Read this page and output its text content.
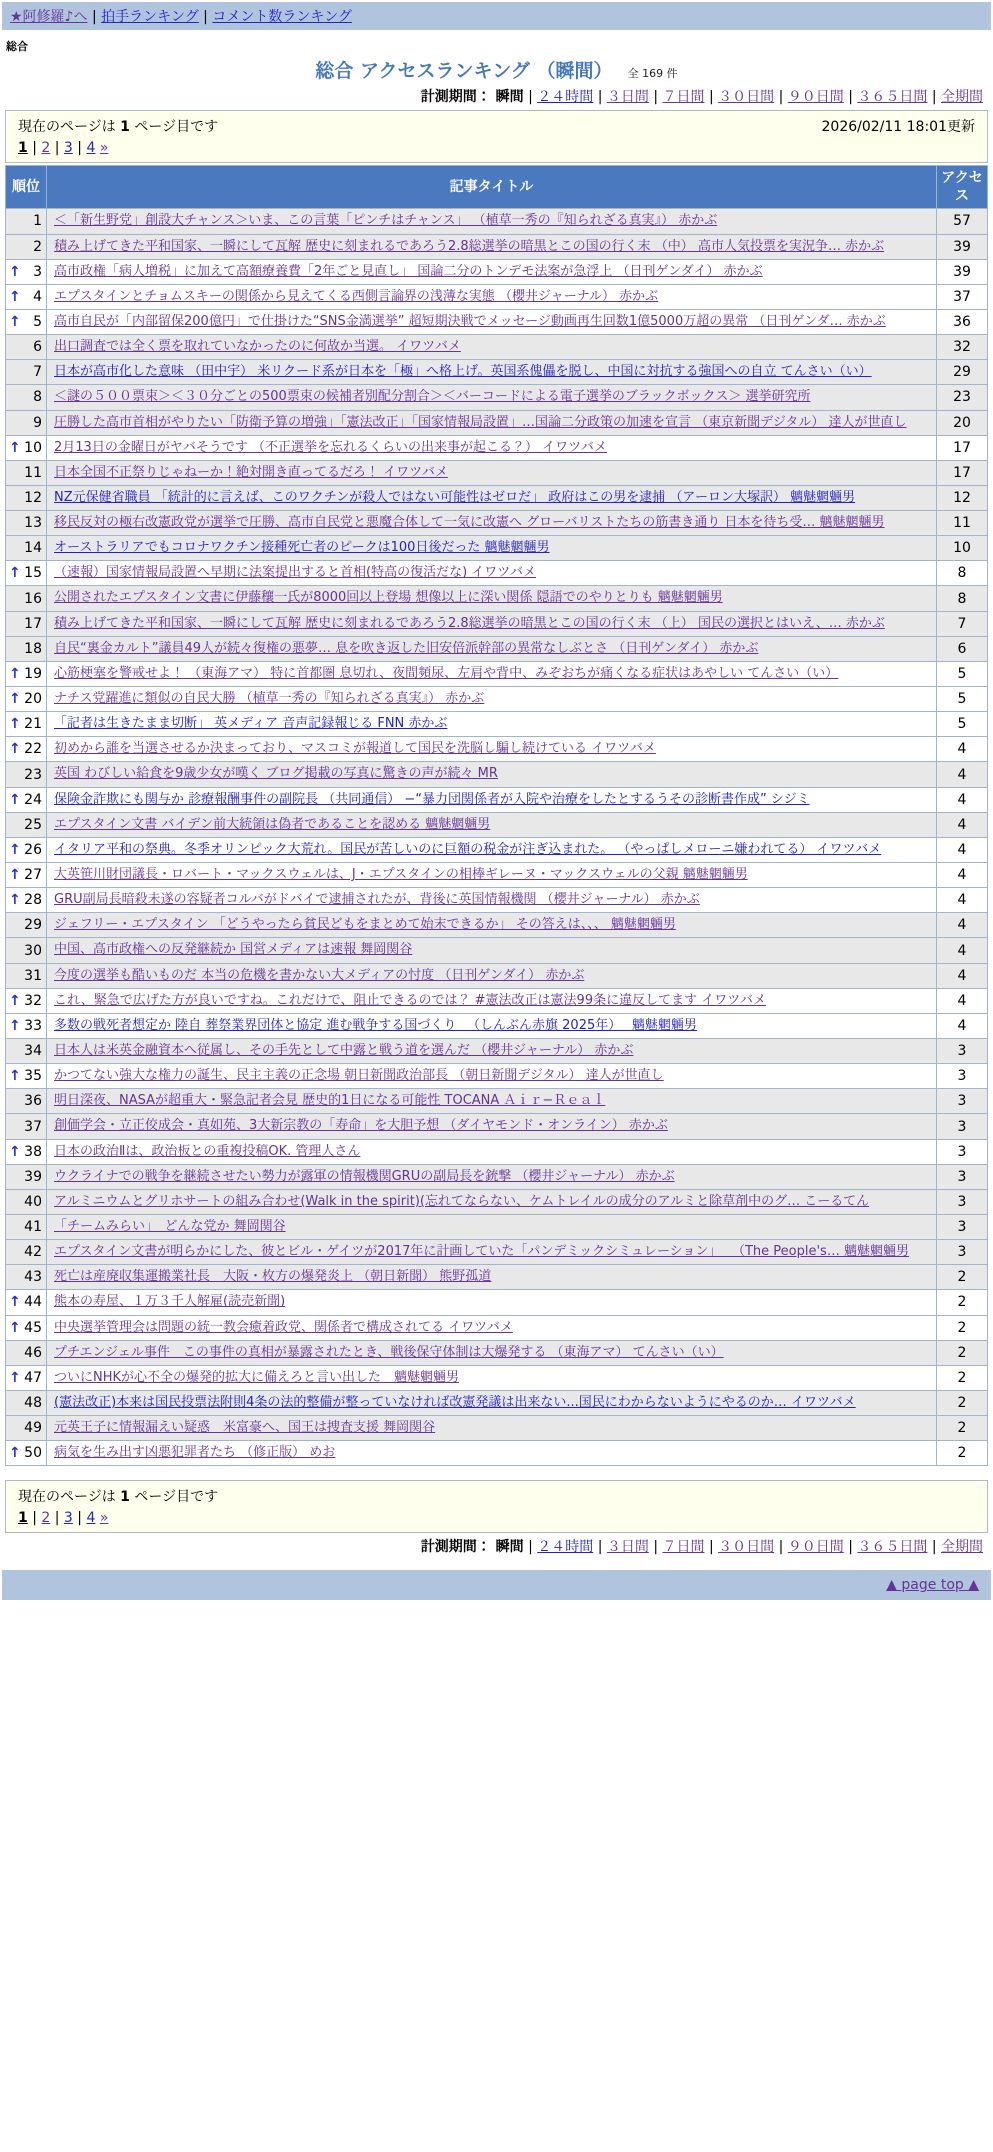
★阿修羅♪へ | 拍手ランキング | コメント数ランキング
総合
総合 アクセスランキング （瞬間） 全 169 件
計測期間： 瞬間 | ２４時間 | ３日間 | ７日間 | ３０日間 | ９０日間 | ３６５日間 | 全期間
現在のページは 1 ページ目です	2026/02/11 18:01更新
1 | 2 | 3 | 4 »
順位	記事タイトル	アクセス

1	＜「新生野党」創設大チャンス＞いま、この言葉「ピンチはチャンス」 （植草一秀の『知られざる真実』） 赤かぶ	57

2	積み上げてきた平和国家、一瞬にして瓦解 歴史に刻まれるであろう2.8総選挙の暗黒とこの国の行く末 （中） 高市人気投票を実況争… 赤かぶ	39

↑ 3	高市政権「病人増税」に加えて高額療養費「2年ごと見直し」 国論二分のトンデモ法案が急浮上 （日刊ゲンダイ） 赤かぶ	39

↑ 4	エプスタインとチョムスキーの関係から見えてくる西側言論界の浅薄な実態 （櫻井ジャーナル） 赤かぶ	37

↑ 5	高市自民が「内部留保200億円」で仕掛けた“SNS金満選挙” 超短期決戦でメッセージ動画再生回数1億5000万超の異常 （日刊ゲンダ… 赤かぶ	36

6	出口調査では全く票を取れていなかったのに何故か当選。 イワツバメ	32

7	日本が高市化した意味 （田中宇） 米リクード系が日本を「極」へ格上げ。英国系傀儡を脱し、中国に対抗する強国への自立 てんさい（い）	29

8	＜謎の５００票束＞＜３０分ごとの500票束の候補者別配分割合＞＜バーコードによる電子選挙のブラックボックス＞ 選挙研究所	23

9	圧勝した高市首相がやりたい「防衛予算の増強」「憲法改正」「国家情報局設置」…国論二分政策の加速を宣言 （東京新聞デジタル） 達人が世直し	20

↑ 10	2月13日の金曜日がヤバそうです （不正選挙を忘れるくらいの出来事が起こる？） イワツバメ	17

11	日本全国不正祭りじゃねーか！絶対開き直ってるだろ！ イワツバメ	17

12	NZ元保健省職員 「統計的に言えば、このワクチンが殺人ではない可能性はゼロだ」 政府はこの男を逮捕 （アーロン大塚訳） 魑魅魍魎男	12

13	移民反対の極右改憲政党が選挙で圧勝、高市自民党と悪魔合体して一気に改憲へ グローバリストたちの筋書き通り 日本を待ち受… 魑魅魍魎男	11

14	オーストラリアでもコロナワクチン接種死亡者のピークは100日後だった 魑魅魍魎男	10

↑ 15	（速報）国家情報局設置へ早期に法案提出すると首相(特高の復活だな) イワツバメ	8

16	公開されたエプスタイン文書に伊藤穰一氏が8000回以上登場 想像以上に深い関係 隠語でのやりとりも 魑魅魍魎男	8

17	積み上げてきた平和国家、一瞬にして瓦解 歴史に刻まれるであろう2.8総選挙の暗黒とこの国の行く末 （上） 国民の選択とはいえ、… 赤かぶ	7

18	自民“裏金カルト”議員49人が続々復権の悪夢… 息を吹き返した旧安倍派幹部の異常なしぶとさ （日刊ゲンダイ） 赤かぶ	6

↑ 19	心筋梗塞を警戒せよ！ （東海アマ） 特に首都圏 息切れ、夜間頻尿、左肩や背中、みぞおちが痛くなる症状はあやしい てんさい（い）	5

↑ 20	ナチス党躍進に類似の自民大勝 （植草一秀の『知られざる真実』） 赤かぶ	5

↑ 21	「記者は生きたまま切断」 英メディア 音声記録報じる FNN 赤かぶ	5

↑ 22	初めから誰を当選させるか決まっており、マスコミが報道して国民を洗脳し騙し続けている イワツバメ	4

23	英国 わびしい給食を9歳少女が嘆く ブログ掲載の写真に驚きの声が続々 MR	4

↑ 24	保険金詐欺にも関与か 診療報酬事件の副院長 （共同通信） −“暴力団関係者が入院や治療をしたとするうその診断書作成” シジミ	4

25	エプスタイン文書 バイデン前大統領は偽者であることを認める 魑魅魍魎男	4

↑ 26	イタリア平和の祭典。冬季オリンピック大荒れ。国民が苦しいのに巨額の税金が注ぎ込まれた。 （やっぱしメローニ嫌われてる） イワツバメ	4

↑ 27	大英笹川財団議長・ロバート・マックスウェルは、J・エプスタインの相棒ギレーヌ・マックスウェルの父親 魑魅魍魎男	4

↑ 28	GRU副局長暗殺未遂の容疑者コルバがドバイで逮捕されたが、背後に英国情報機関 （櫻井ジャーナル） 赤かぶ	4

29	ジェフリー・エプスタイン 「どうやったら貧民どもをまとめて始末できるか」 その答えは、、、 魑魅魍魎男	4

30	中国、高市政権への反発継続か 国営メディアは速報 舞岡関谷	4

31	今度の選挙も酷いものだ 本当の危機を書かない大メディアの忖度 （日刊ゲンダイ） 赤かぶ	4

↑ 32	これ、緊急で広げた方が良いですね。これだけで、阻止できるのでは？ #憲法改正は憲法99条に違反してます イワツバメ	4

↑ 33	多数の戦死者想定か 陸自 葬祭業界団体と協定 進む戦争する国づくり 　（しんぶん赤旗 2025年）　 魑魅魍魎男	4

34	日本人は米英金融資本へ従属し、その手先として中露と戦う道を選んだ （櫻井ジャーナル） 赤かぶ	3

↑ 35	かつてない強大な権力の誕生、民主主義の正念場 朝日新聞政治部長 （朝日新聞デジタル） 達人が世直し	3

36	明日深夜、NASAが超重大・緊急記者会見 歴史的1日になる可能性 TOCANA Ａｉｒ−Ｒｅａｌ	3

37	創価学会・立正佼成会・真如苑、3大新宗教の「寿命」を大胆予想 （ダイヤモンド・オンライン） 赤かぶ	3

↑ 38	日本の政治Ⅱは、政治板との重複投稿OK. 管理人さん	3

39	ウクライナでの戦争を継続させたい勢力が露軍の情報機関GRUの副局長を銃撃 （櫻井ジャーナル） 赤かぶ	3

40	アルミニウムとグリホサートの組み合わせ(Walk in the spirit)(忘れてならない、ケムトレイルの成分のアルミと除草剤中のグ… こーるてん	3

41	「チームみらい」　どんな党か 舞岡関谷	3

42	エプスタイン文書が明らかにした、彼とビル・ゲイツが2017年に計画していた「パンデミックシミュレーション」 　（The People's… 魑魅魍魎男	3

43	死亡は産廃収集運搬業社長　大阪・枚方の爆発炎上 （朝日新聞） 熊野孤道	2

↑ 44	熊本の寿屋、１万３千人解雇(読売新聞)	2

↑ 45	中央選挙管理会は問題の統一教会癒着政党、関係者で構成されてる イワツバメ	2

46	プチエンジェル事件　この事件の真相が暴露されたとき、戦後保守体制は大爆発する （東海アマ） てんさい（い）	2

↑ 47	ついにNHKが心不全の爆発的拡大に備えろと言い出した　魑魅魍魎男	2

48	(憲法改正)本来は国民投票法附則4条の法的整備が整っていなければ改憲発議は出来ない...国民にわからないようにやるのか… イワツバメ	2

49	元英王子に情報漏えい疑惑　米富豪へ、国王は捜査支援 舞岡関谷	2

↑ 50	病気を生み出す凶悪犯罪者たち （修正版） めお	2
現在のページは 1 ページ目です
1 | 2 | 3 | 4 »
計測期間： 瞬間 | ２４時間 | ３日間 | ７日間 | ３０日間 | ９０日間 | ３６５日間 | 全期間
▲ page top ▲
